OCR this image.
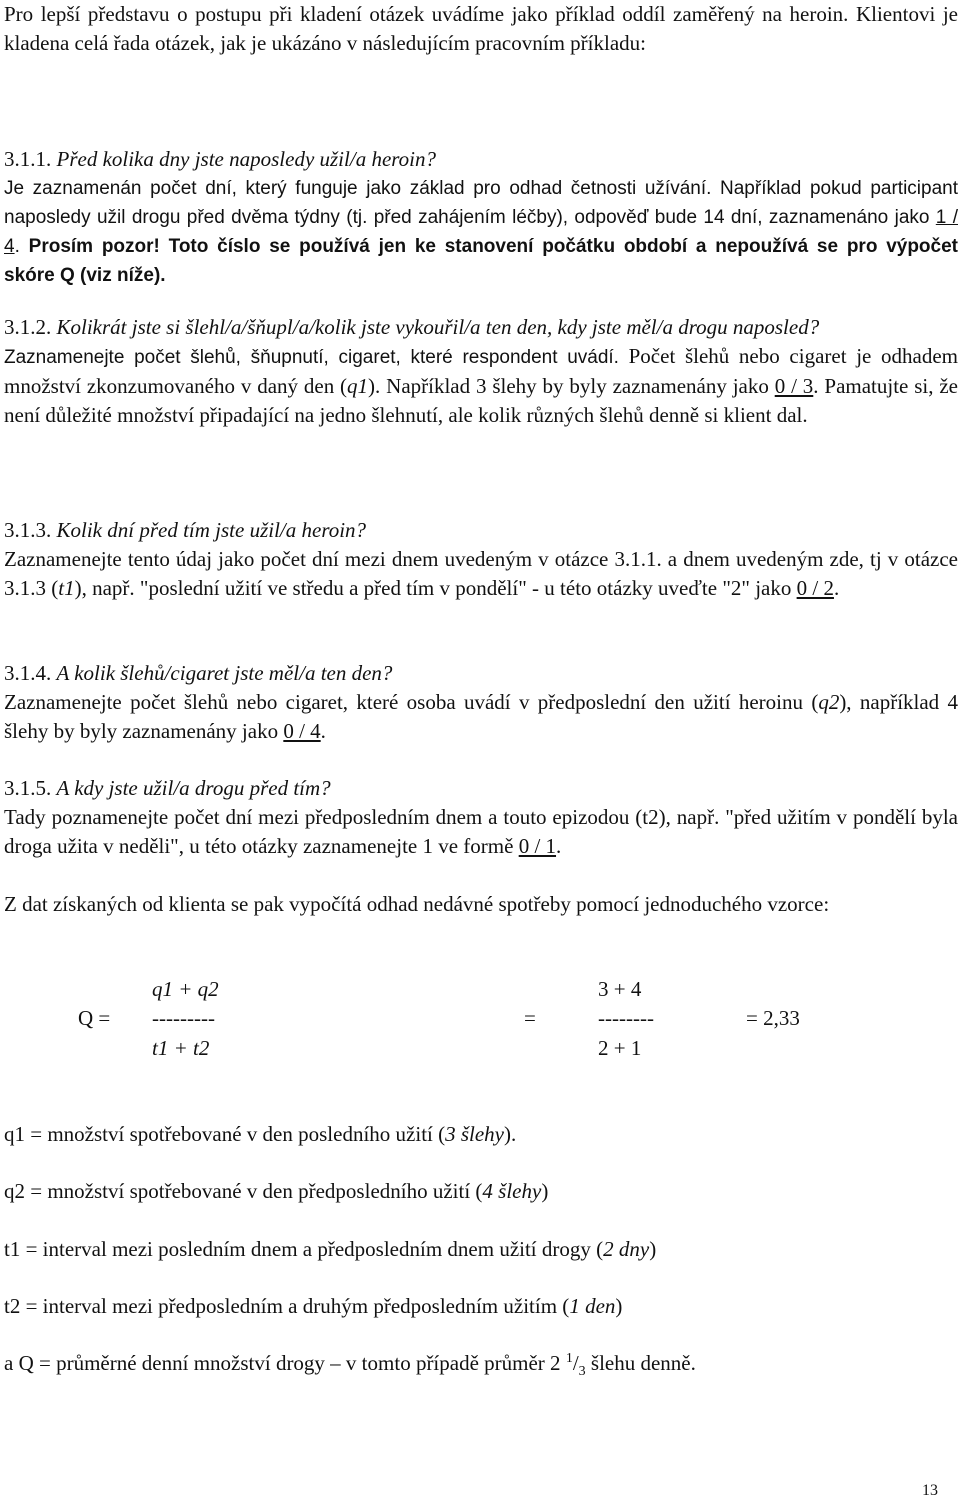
Pro lepší představu o postupu při kladení otázek uvádíme jako příklad oddíl zaměřený na heroin. Klientovi je kladena celá řada otázek, jak je ukázáno v následujícím pracovním příkladu:

3.1.1. Před kolika dny jste naposledy užil/a heroin?

Je zaznamenán počet dní, který funguje jako základ pro odhad četnosti užívání. Například pokud participant naposledy užil drogu před dvěma týdny (tj. před zahájením léčby), odpověď bude 14 dní, zaznamenáno jako 1 / 4. Prosím pozor! Toto číslo se používá jen ke stanovení počátku období a nepoužívá se pro výpočet skóre Q (viz níže).

3.1.2. Kolikrát jste si šlehl/a/šňupl/a/kolik jste vykouřil/a ten den, kdy jste měl/a drogu naposled?

Zaznamenejte počet šlehů, šňupnutí, cigaret, které respondent uvádí. Počet šlehů nebo cigaret je odhadem množství zkonzumovaného v daný den (q1). Například 3 šlehy by byly zaznamenány jako 0 / 3. Pamatujte si, že není důležité množství připadající na jedno šlehnutí, ale kolik různých šlehů denně si klient dal.

3.1.3. Kolik dní před tím jste užil/a heroin?

Zaznamenejte tento údaj jako počet dní mezi dnem uvedeným v otázce 3.1.1. a dnem uvedeným zde, tj v otázce 3.1.3 (t1), např. "poslední užití ve středu a před tím v pondělí" - u této otázky uveďte "2" jako 0 / 2.

3.1.4. A kolik šlehů/cigaret jste měl/a ten den?

Zaznamenejte počet šlehů nebo cigaret, které osoba uvádí v předposlední den užití heroinu (q2), například 4 šlehy by byly zaznamenány jako 0 / 4.

3.1.5. A kdy jste užil/a drogu před tím?

Tady poznamenejte počet dní mezi předposledním dnem a touto epizodou (t2), např. "před užitím v pondělí byla droga užita v neděli", u této otázky zaznamenejte 1 ve formě 0 / 1.

Z dat získaných od klienta se pak vypočítá odhad nedávné spotřeby pomocí jednoduchého vzorce:

q1 + q2
Q = ---------	=
3 + 4
--------	= 2,33
t1 + t2	2 + 1
q1 = množství spotřebované v den posledního užití (3 šlehy).
q2 = množství spotřebované v den předposledního užití (4 šlehy)
t1 = interval mezi posledním dnem a předposledním dnem užití drogy (2 dny)
t2 = interval mezi předposledním a druhým předposledním užitím (1 den)
a Q = průměrné denní množství drogy – v tomto případě průměr 2 $^1/_3$ šlehu denně.
13
